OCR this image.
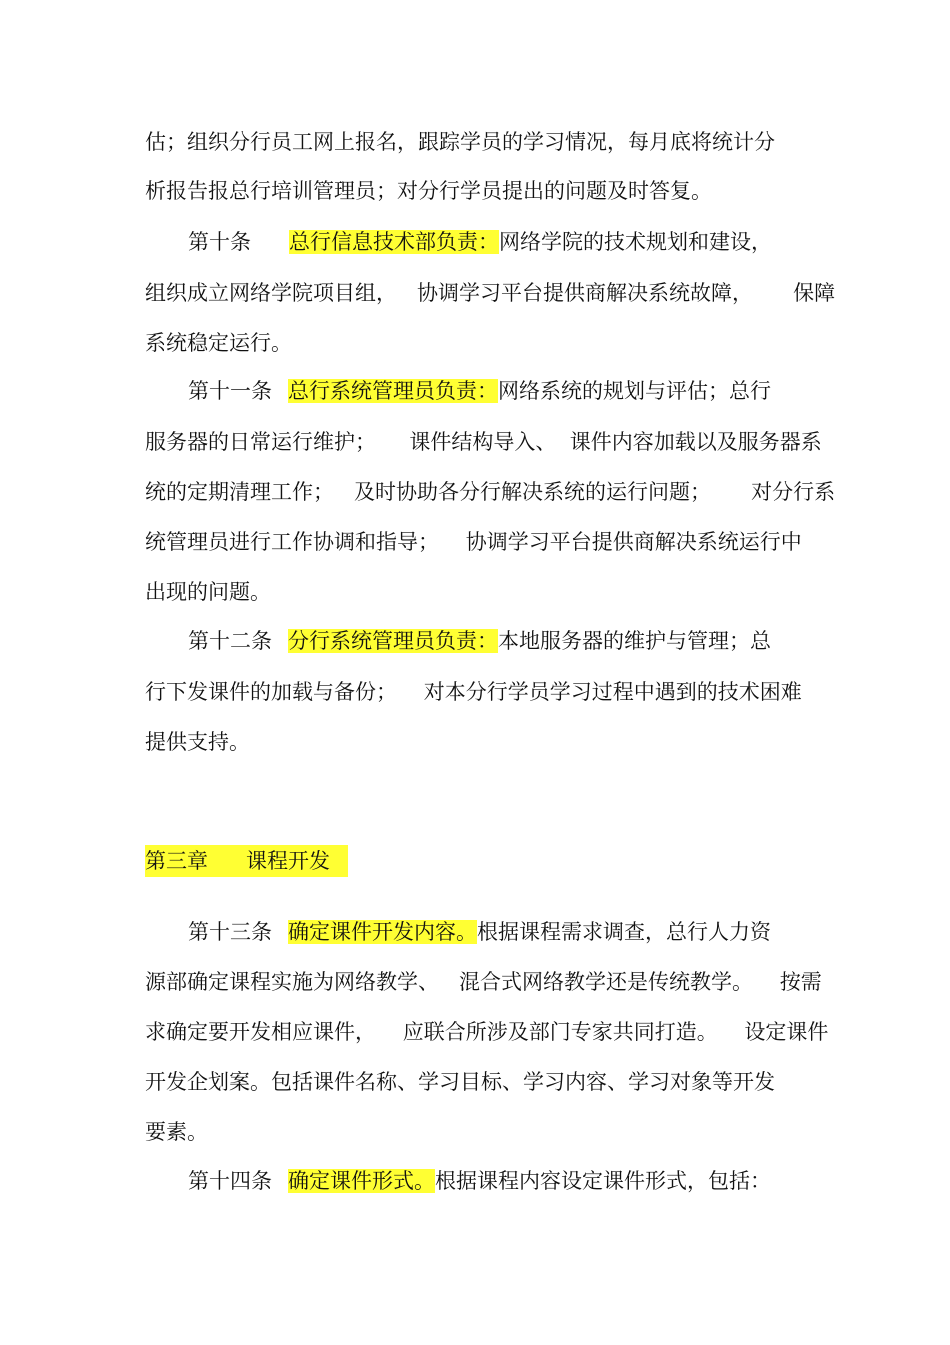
估；组织分行员工网上报名，跟踪学员的学习情况，每月底将统计分
析报告报总行培训管理员；对分行学员提出的问题及时答复。
第十条 总行信息技术部负责：网络学院的技术规划和建设，
组织成立网络学院项目组，   协调学习平台提供商解决系统故障，      保障
系统稳定运行。
第十一条 总行系统管理员负责：网络系统的规划与评估；总行
服务器的日常运行维护；     课件结构导入、  课件内容加载以及服务器系
统的定期清理工作；   及时协助各分行解决系统的运行问题；      对分行系
统管理员进行工作协调和指导；    协调学习平台提供商解决系统运行中
出现的问题。
第十二条 分行系统管理员负责：本地服务器的维护与管理；总
行下发课件的加载与备份；    对本分行学员学习过程中遇到的技术困难
提供支持。
第三章 课程开发
第十三条 确定课件开发内容。根据课程需求调查，总行人力资
源部确定课程实施为网络教学、   混合式网络教学还是传统教学。    按需
求确定要开发相应课件，    应联合所涉及部门专家共同打造。    设定课件
开发企划案。包括课件名称、学习目标、学习内容、学习对象等开发
要素。
第十四条 确定课件形式。根据课程内容设定课件形式，包括：
